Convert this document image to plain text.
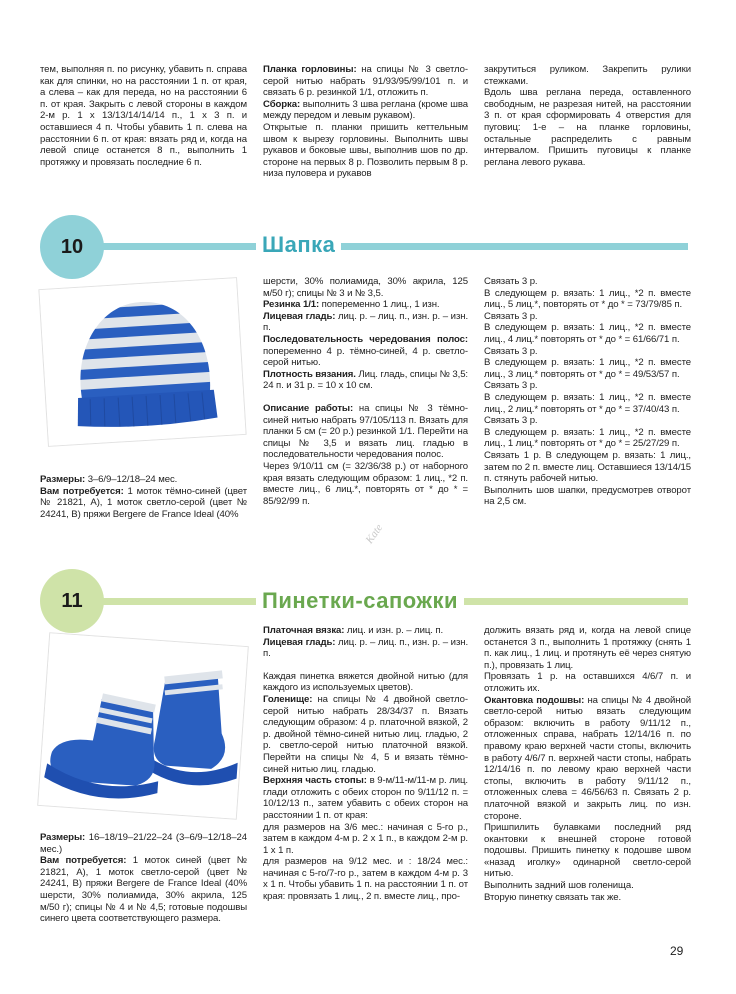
тем, выполняя п. по рисунку, убавить п. справа как для спинки, но на расстоянии 1 п. от края, а слева – как для переда, но на расстоянии 6 п. от края. Закрыть с левой стороны в каждом 2-м р. 1 х 13/13/14/14/14 п., 1 х 3 п. и оставшиеся 4 п. Чтобы убавить 1 п. слева на расстоянии 6 п. от края: вязать ряд и, когда на левой спице останется 8 п., выполнить 1 протяжку и провязать последние 6 п.

Планка горловины: на спицы № 3 светло-серой нитью набрать 91/93/95/99/101 п. и связать 6 р. резинкой 1/1, отложить п.

Сборка: выполнить 3 шва реглана (кроме шва между передом и левым рукавом).

Открытые п. планки пришить кеттельным швом к вырезу горловины. Выполнить швы рукавов и боковые швы, выполнив шов по др. стороне на первых 8 р. Позволить первым 8 р. низа пуловера и рукавов

закрутиться руликом. Закрепить рулики стежками.

Вдоль шва реглана переда, оставленного свободным, не разрезая нитей, на расстоянии 3 п. от края сформировать 4 отверстия для пуговиц: 1-е – на планке горловины, остальные распределить с равным интервалом. Пришить пуговицы к планке реглана левого рукава.

10	Шапка

Размеры: 3–6/9–12/18–24 мес.

Вам потребуется: 1 моток тёмно-синей (цвет № 21821, А), 1 моток светло-серой (цвет № 24241, В) пряжи Bergere de France Ideal (40%

шерсти, 30% полиамида, 30% акрила, 125 м/50 г); спицы № 3 и № 3,5.

Резинка 1/1: попеременно 1 лиц., 1 изн.

Лицевая гладь: лиц. р. – лиц. п., изн. р. – изн. п.

Последовательность чередования полос: попеременно 4 р. тёмно-синей, 4 р. светло-серой нитью.

Плотность вязания. Лиц. гладь, спицы № 3,5: 24 п. и 31 р. = 10 х 10 см.

Описание работы: на спицы № 3 тёмно-синей нитью набрать 97/105/113 п. Вязать для планки 5 см (= 20 р.) резинкой 1/1. Перейти на спицы № 3,5 и вязать лиц. гладью в последовательности чередования полос.

Через 9/10/11 см (= 32/36/38 р.) от наборного края вязать следующим образом: 1 лиц., *2 п. вместе лиц., 6 лиц.*, повторять от * до * = 85/92/99 п.

Kate

Связать 3 р.

В следующем р. вязать: 1 лиц., *2 п. вместе лиц., 5 лиц.*, повторять от * до * = 73/79/85 п.

Связать 3 р.

В следующем р. вязать: 1 лиц., *2 п. вместе лиц., 4 лиц.* повторять от * до * = 61/66/71 п.

Связать 3 р.

В следующем р. вязать: 1 лиц., *2 п. вместе лиц., 3 лиц.* повторять от * до * = 49/53/57 п.

Связать 3 р.

В следующем р. вязать: 1 лиц., *2 п. вместе лиц., 2 лиц.* повторять от * до * = 37/40/43 п.

Связать 3 р.

В следующем р. вязать: 1 лиц., *2 п. вместе лиц., 1 лиц.* повторять от * до * = 25/27/29 п.

Связать 1 р. В следующем р. вязать: 1 лиц., затем по 2 п. вместе лиц. Оставшиеся 13/14/15 п. стянуть рабочей нитью.

Выполнить шов шапки, предусмотрев отворот на 2,5 см.

11	Пинетки-сапожки

Размеры: 16–18/19–21/22–24 (3–6/9–12/18–24 мес.)

Вам потребуется: 1 моток синей (цвет № 21821, А), 1 моток светло-серой (цвет № 24241, В) пряжи Bergere de France Ideal (40% шерсти, 30% полиамида, 30% акрила, 125 м/50 г); спицы № 4 и № 4,5; готовые подошвы синего цвета соответствующего размера.

Платочная вязка: лиц. и изн. р. – лиц. п.

Лицевая гладь: лиц. р. – лиц. п., изн. р. – изн. п.

Каждая пинетка вяжется двойной нитью (для каждого из используемых цветов).

Голенище: на спицы № 4 двойной светло-серой нитью набрать 28/34/37 п. Вязать следующим образом: 4 р. платочной вязкой, 2 р. двойной тёмно-синей нитью лиц. гладью, 2 р. светло-серой нитью платочной вязкой. Перейти на спицы № 4, 5 и вязать тёмно-синей нитью лиц. гладью.

Верхняя часть стопы: в 9-м/11-м/11-м р. лиц. глади отложить с обеих сторон по 9/11/12 п. = 10/12/13 п., затем убавить с обеих сторон на расстоянии 1 п. от края:

для размеров на 3/6 мес.: начиная с 5-го р., затем в каждом 4-м р. 2 х 1 п., в каждом 2-м р. 1 х 1 п.

для размеров на 9/12 мес. и : 18/24 мес.: начиная с 5-го/7-го р., затем в каждом 4-м р. 3 х 1 п. Чтобы убавить 1 п. на расстоянии 1 п. от края: провязать 1 лиц., 2 п. вместе лиц., про-

должить вязать ряд и, когда на левой спице останется 3 п., выполнить 1 протяжку (снять 1 п. как лиц., 1 лиц. и протянуть её через снятую п.), провязать 1 лиц.

Провязать 1 р. на оставшихся 4/6/7 п. и отложить их.

Окантовка подошвы: на спицы № 4 двойной светло-серой нитью вязать следующим образом: включить в работу 9/11/12 п., отложенных справа, набрать 12/14/16 п. по правому краю верхней части стопы, включить в работу 4/6/7 п. верхней части стопы, набрать 12/14/16 п. по левому краю верхней части стопы, включить в работу 9/11/12 п., отложенных слева = 46/56/63 п. Связать 2 р. платочной вязкой и закрыть лиц. по изн. стороне.

Пришпилить булавками последний ряд окантовки к внешней стороне готовой подошвы. Пришить пинетку к подошве швом «назад иголку» одинарной светло-серой нитью.

Выполнить задний шов голенища.

Вторую пинетку связать так же.

29
